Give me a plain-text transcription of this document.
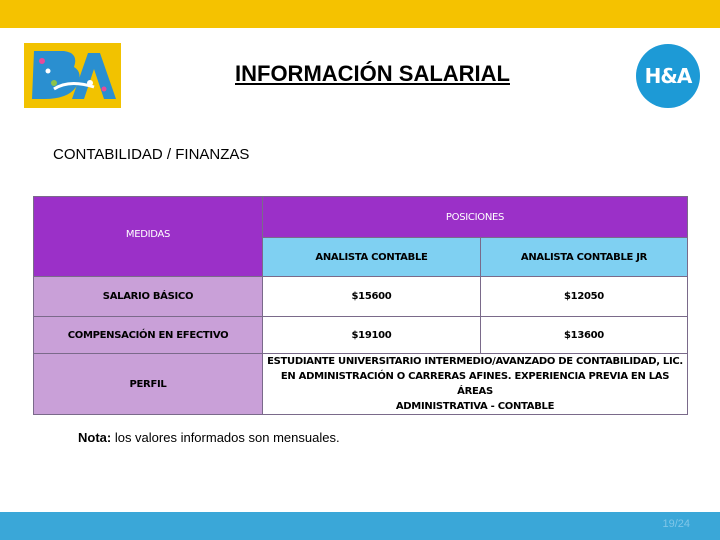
INFORMACIÓN SALARIAL	H&A
CONTABILIDAD / FINANZAS
MEDIDAS	POSICIONES	
	ANALISTA CONTABLE	ANALISTA CONTABLE JR
SALARIO BÁSICO	$15600	$12050
COMPENSACIÓN EN EFECTIVO	$19100	$13600
PERFIL	ESTUDIANTE UNIVERSITARIO INTERMEDIO/AVANZADO DE CONTABILIDAD, LIC.
EN ADMINISTRACIÓN O CARRERAS AFINES. EXPERIENCIA PREVIA EN LAS ÁREAS
ADMINISTRATIVA - CONTABLE	
Nota: los valores informados son mensuales.
19/24
